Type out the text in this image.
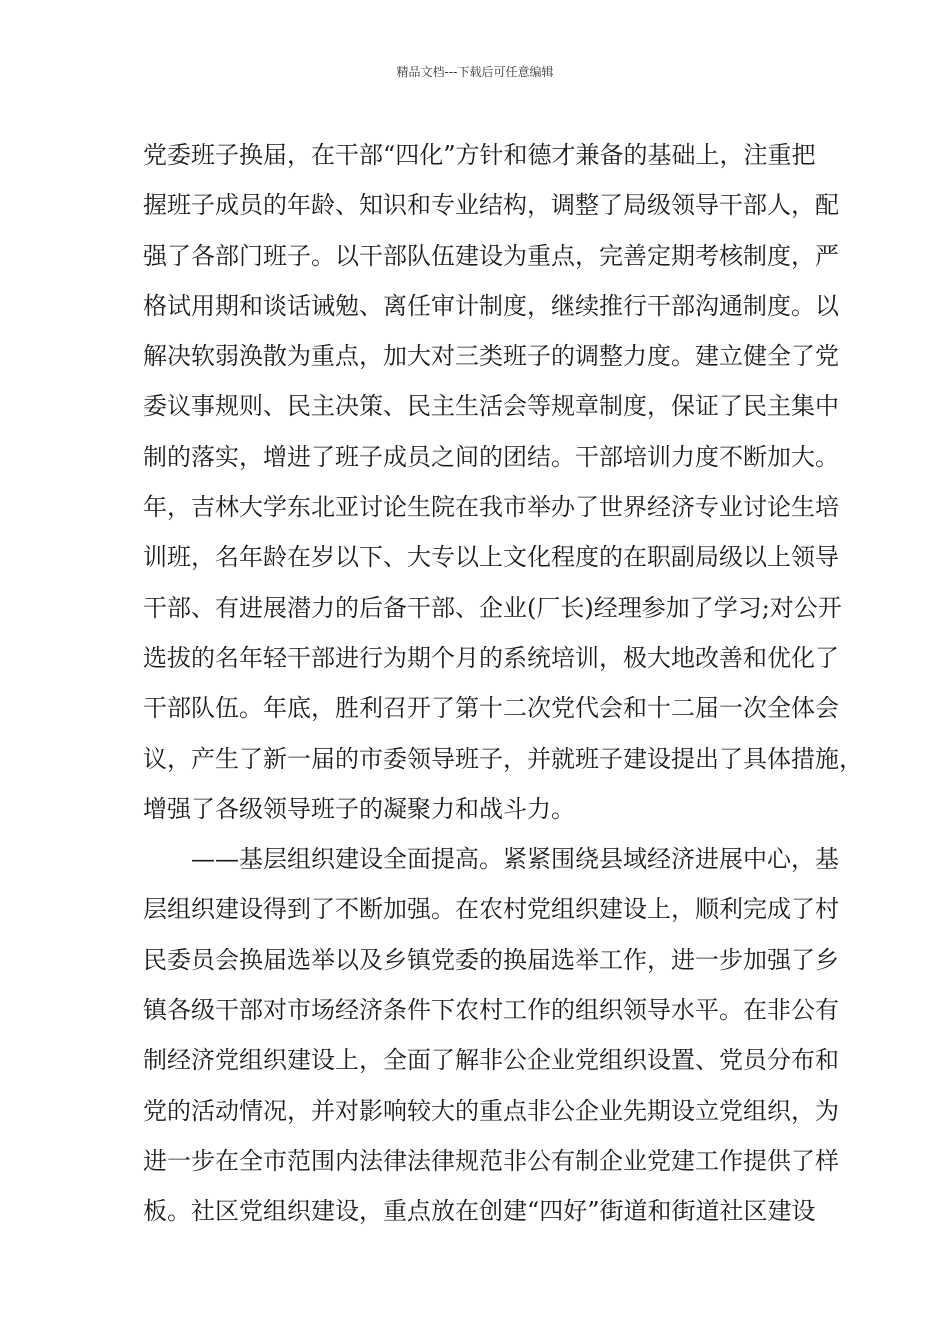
精品文档---下载后可任意编辑
党委班子换届，在干部“四化”方针和德才兼备的基础上，注重把
握班子成员的年龄、知识和专业结构，调整了局级领导干部人，配
强了各部门班子。以干部队伍建设为重点，完善定期考核制度，严
格试用期和谈话诫勉、离任审计制度，继续推行干部沟通制度。以
解决软弱涣散为重点，加大对三类班子的调整力度。建立健全了党
委议事规则、民主决策、民主生活会等规章制度，保证了民主集中
制的落实，增进了班子成员之间的团结。干部培训力度不断加大。
年，吉林大学东北亚讨论生院在我市举办了世界经济专业讨论生培
训班，名年龄在岁以下、大专以上文化程度的在职副局级以上领导
干部、有进展潜力的后备干部、企业(厂长)经理参加了学习;对公开
选拔的名年轻干部进行为期个月的系统培训，极大地改善和优化了
干部队伍。年底，胜利召开了第十二次党代会和十二届一次全体会
议，产生了新一届的市委领导班子，并就班子建设提出了具体措施，
增强了各级领导班子的凝聚力和战斗力。
——基层组织建设全面提高。紧紧围绕县域经济进展中心，基
层组织建设得到了不断加强。在农村党组织建设上，顺利完成了村
民委员会换届选举以及乡镇党委的换届选举工作，进一步加强了乡
镇各级干部对市场经济条件下农村工作的组织领导水平。在非公有
制经济党组织建设上，全面了解非公企业党组织设置、党员分布和
党的活动情况，并对影响较大的重点非公企业先期设立党组织，为
进一步在全市范围内法律法律规范非公有制企业党建工作提供了样
板。社区党组织建设，重点放在创建“四好”街道和街道社区建设
